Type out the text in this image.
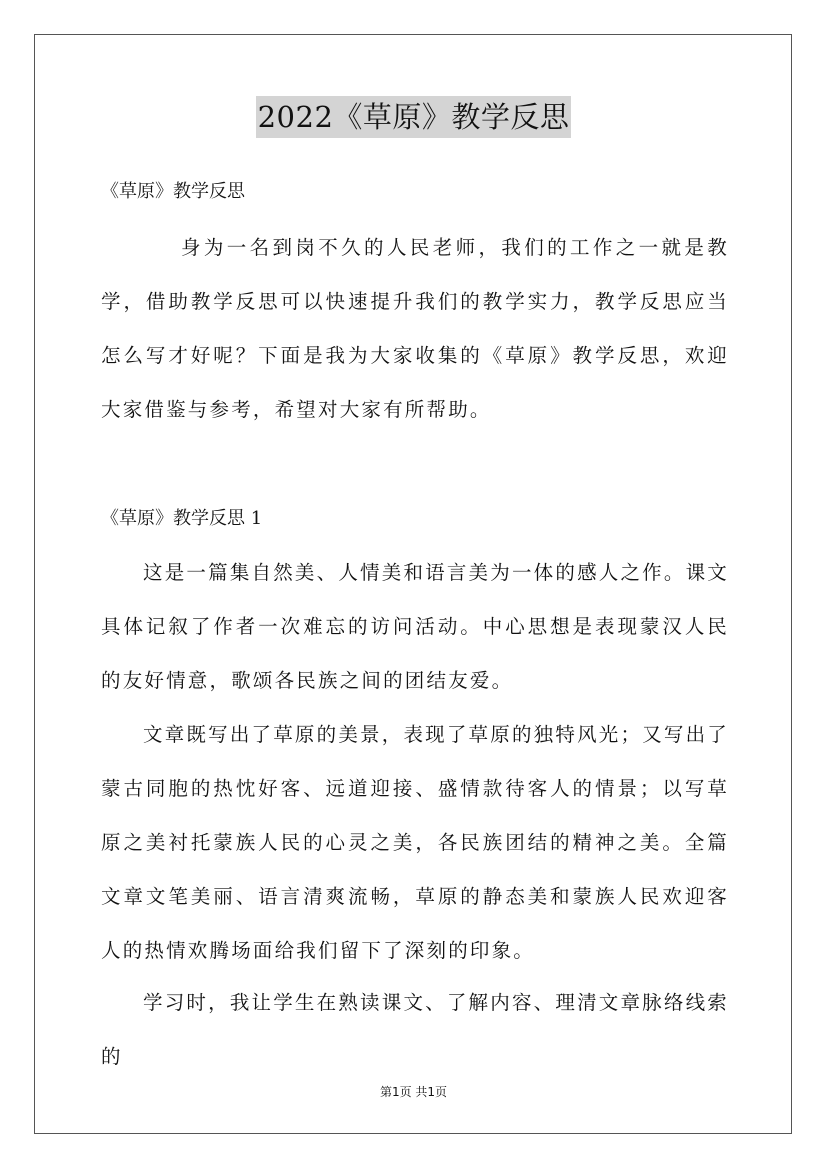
2022《草原》教学反思
《草原》教学反思

身为一名到岗不久的人民老师，我们的工作之一就是教学，借助教学反思可以快速提升我们的教学实力，教学反思应当怎么写才好呢？下面是我为大家收集的《草原》教学反思，欢迎大家借鉴与参考，希望对大家有所帮助。

《草原》教学反思 1

这是一篇集自然美、人情美和语言美为一体的感人之作。课文具体记叙了作者一次难忘的访问活动。中心思想是表现蒙汉人民的友好情意，歌颂各民族之间的团结友爱。

文章既写出了草原的美景，表现了草原的独特风光；又写出了蒙古同胞的热忱好客、远道迎接、盛情款待客人的情景；以写草原之美衬托蒙族人民的心灵之美，各民族团结的精神之美。全篇文章文笔美丽、语言清爽流畅，草原的静态美和蒙族人民欢迎客人的热情欢腾场面给我们留下了深刻的印象。

学习时，我让学生在熟读课文、了解内容、理清文章脉络线索的

第1页 共1页
